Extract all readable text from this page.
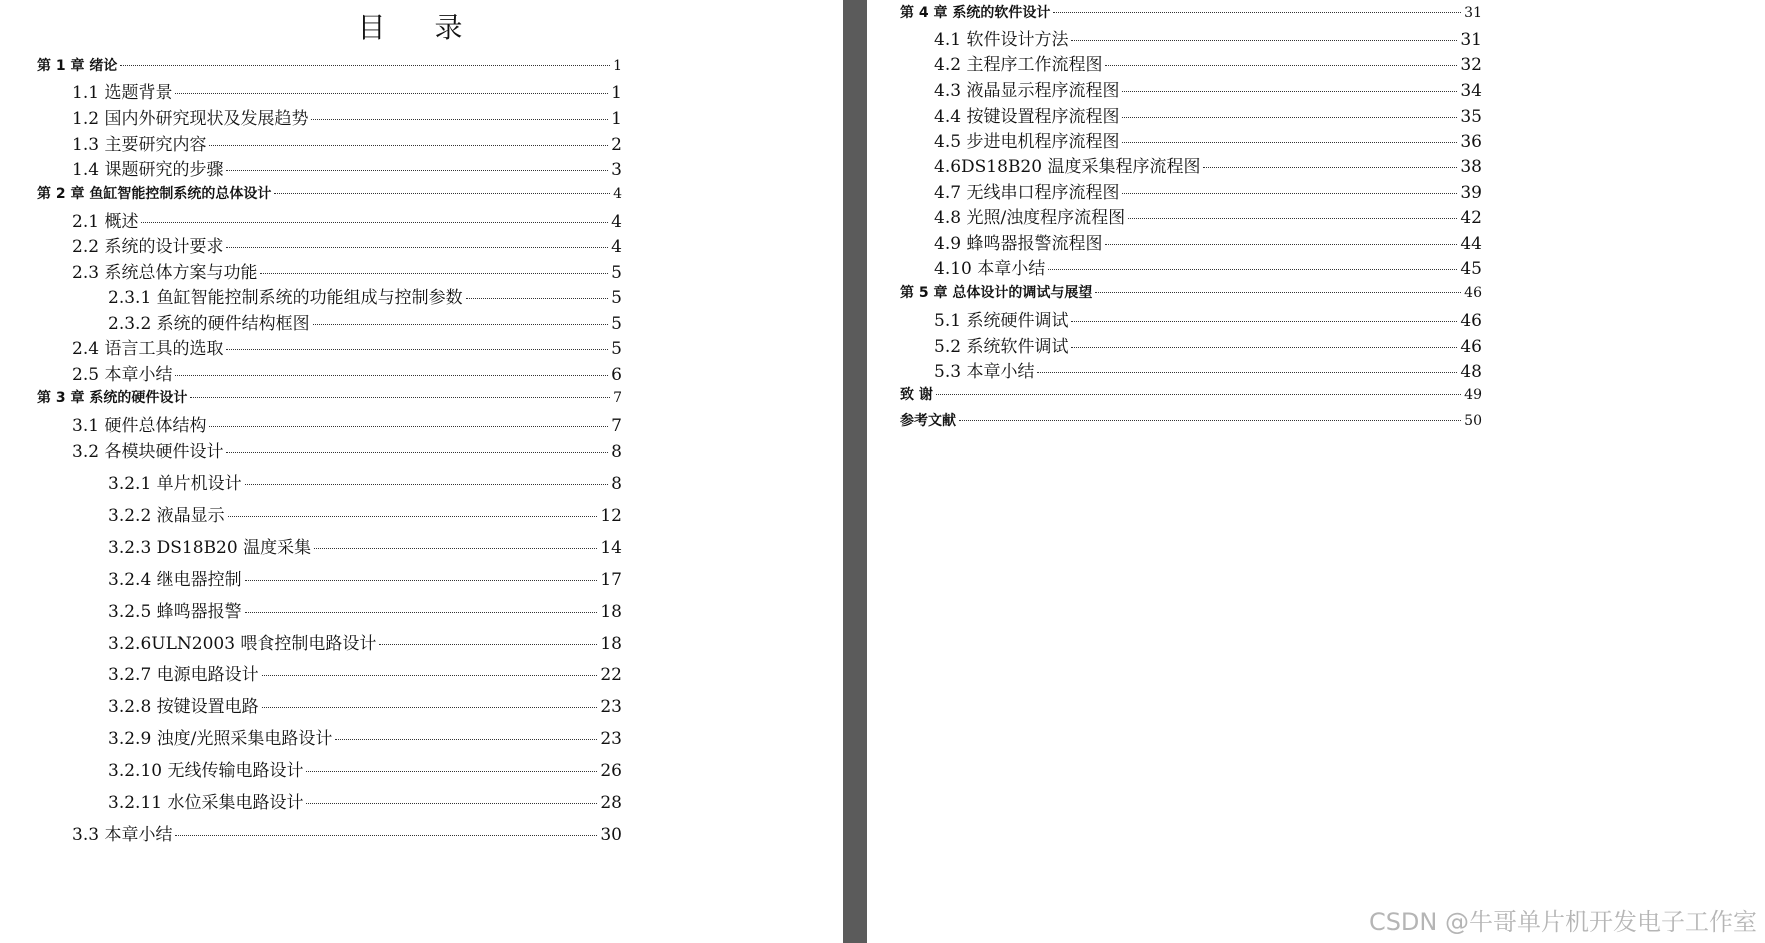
目 录
第 1 章 绪论	1
1.1 选题背景	1
1.2 国内外研究现状及发展趋势	1
1.3 主要研究内容	2
1.4 课题研究的步骤	3
第 2 章 鱼缸智能控制系统的总体设计	4
2.1 概述	4
2.2 系统的设计要求	4
2.3 系统总体方案与功能	5
2.3.1 鱼缸智能控制系统的功能组成与控制参数	5
2.3.2 系统的硬件结构框图	5
2.4 语言工具的选取	5
2.5 本章小结	6
第 3 章 系统的硬件设计	7
3.1 硬件总体结构	7
3.2 各模块硬件设计	8
3.2.1 单片机设计	8
3.2.2 液晶显示	12
3.2.3 DS18B20 温度采集	14
3.2.4 继电器控制	17
3.2.5 蜂鸣器报警	18
3.2.6ULN2003 喂食控制电路设计	18
3.2.7 电源电路设计	22
3.2.8 按键设置电路	23
3.2.9 浊度/光照采集电路设计	23
3.2.10 无线传输电路设计	26
3.2.11 水位采集电路设计	28
3.3 本章小结	30
第 4 章 系统的软件设计	31
4.1 软件设计方法	31
4.2 主程序工作流程图	32
4.3 液晶显示程序流程图	34
4.4 按键设置程序流程图	35
4.5 步进电机程序流程图	36
4.6DS18B20 温度采集程序流程图	38
4.7 无线串口程序流程图	39
4.8 光照/浊度程序流程图	42
4.9 蜂鸣器报警流程图	44
4.10 本章小结	45
第 5 章 总体设计的调试与展望	46
5.1 系统硬件调试	46
5.2 系统软件调试	46
5.3 本章小结	48
致 谢	49
参考文献	50
CSDN @牛哥单片机开发电子工作室
